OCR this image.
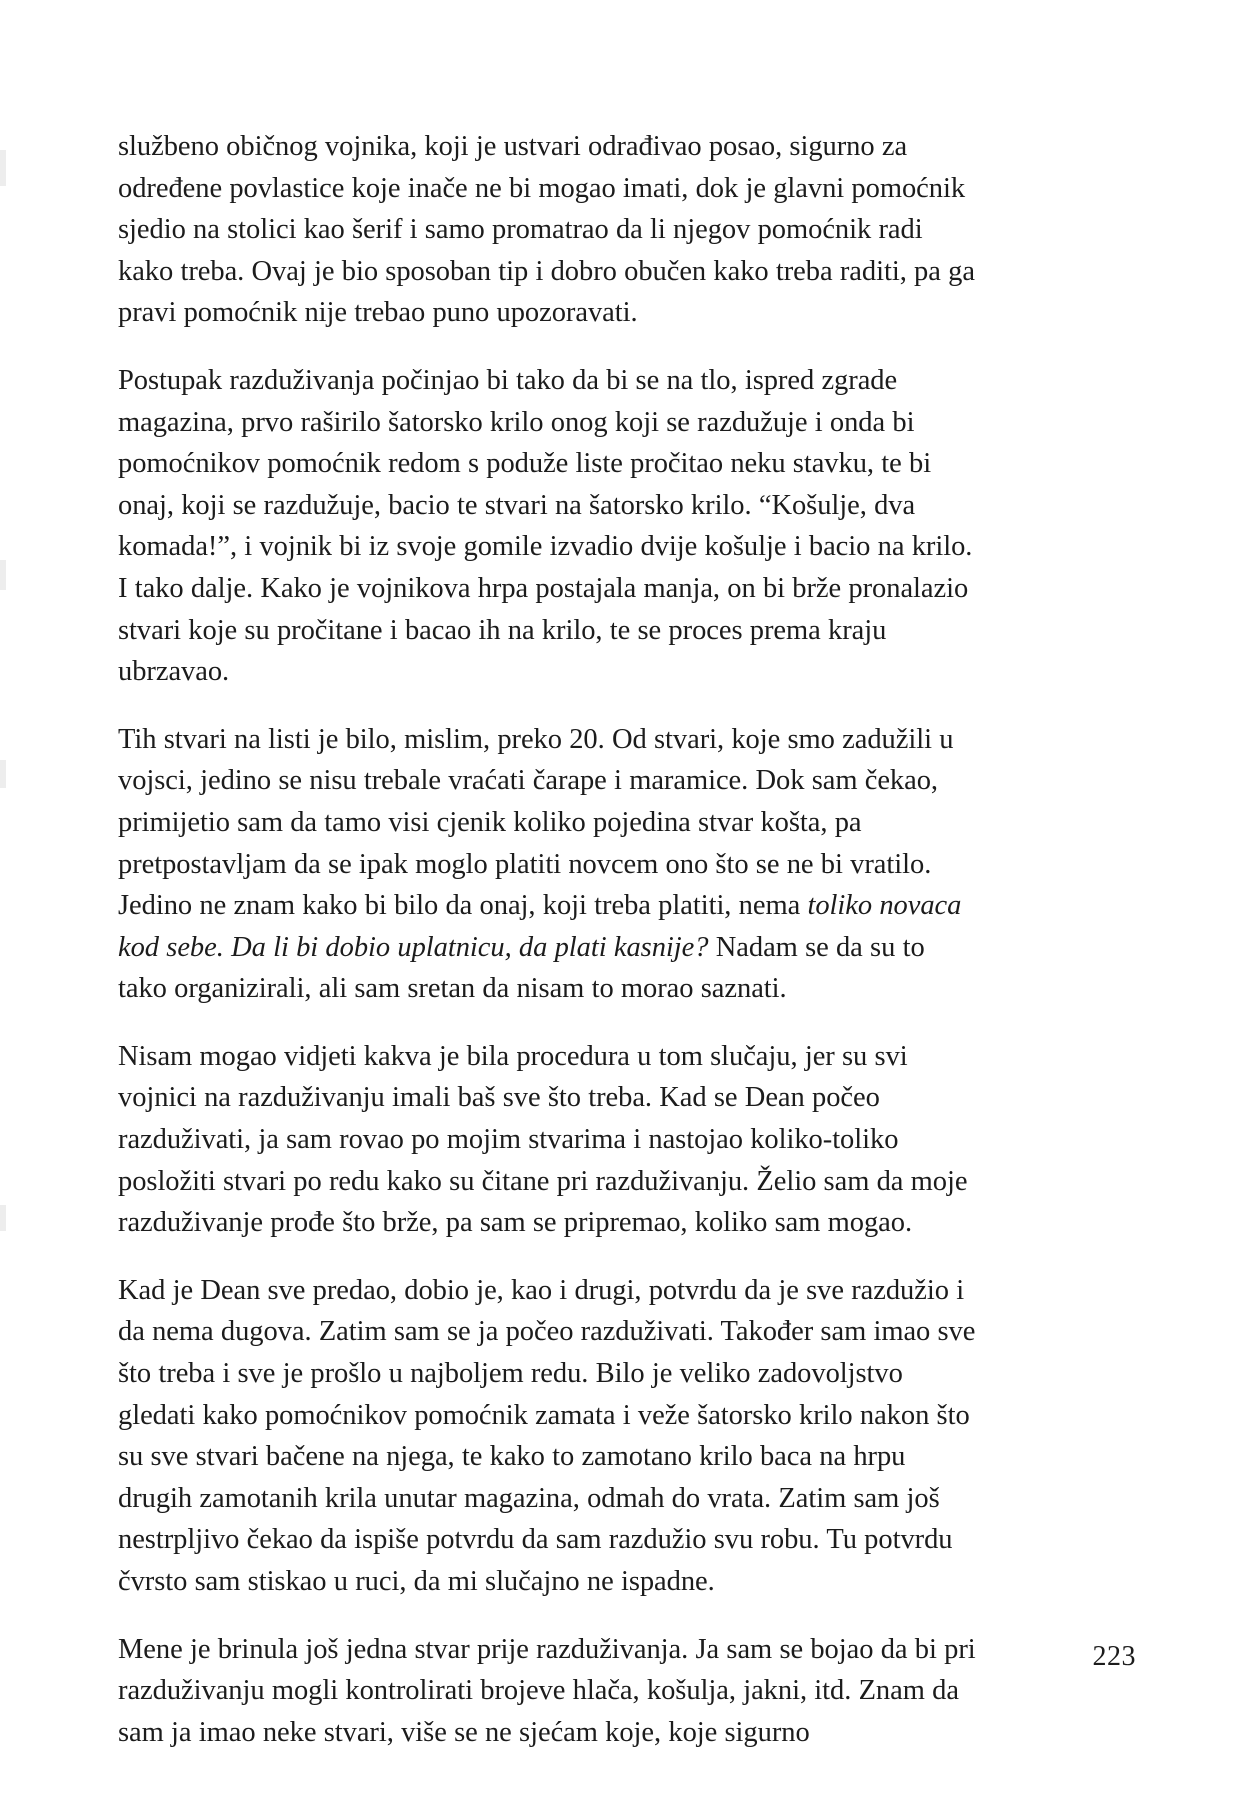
službeno običnog vojnika, koji je ustvari odrađivao posao, sigurno za određene povlastice koje inače ne bi mogao imati, dok je glavni pomoćnik sjedio na stolici kao šerif i samo promatrao da li njegov pomoćnik radi kako treba. Ovaj je bio sposoban tip i dobro obučen kako treba raditi, pa ga pravi pomoćnik nije trebao puno upozoravati.

Postupak razduživanja počinjao bi tako da bi se na tlo, ispred zgrade magazina, prvo raširilo šatorsko krilo onog koji se razdužuje i onda bi pomoćnikov pomoćnik redom s poduže liste pročitao neku stavku, te bi onaj, koji se razdužuje, bacio te stvari na šatorsko krilo. “Košulje, dva komada!”, i vojnik bi iz svoje gomile izvadio dvije košulje i bacio na krilo. I tako dalje. Kako je vojnikova hrpa postajala manja, on bi brže pronalazio stvari koje su pročitane i bacao ih na krilo, te se proces prema kraju ubrzavao.

Tih stvari na listi je bilo, mislim, preko 20. Od stvari, koje smo zadužili u vojsci, jedino se nisu trebale vraćati čarape i maramice. Dok sam čekao, primijetio sam da tamo visi cjenik koliko pojedina stvar košta, pa pretpostavljam da se ipak moglo platiti novcem ono što se ne bi vratilo. Jedino ne znam kako bi bilo da onaj, koji treba platiti, nema toliko novaca kod sebe. Da li bi dobio uplatnicu, da plati kasnije? Nadam se da su to tako organizirali, ali sam sretan da nisam to morao saznati.

Nisam mogao vidjeti kakva je bila procedura u tom slučaju, jer su svi vojnici na razduživanju imali baš sve što treba. Kad se Dean počeo razduživati, ja sam rovao po mojim stvarima i nastojao koliko-toliko posložiti stvari po redu kako su čitane pri razduživanju. Želio sam da moje razduživanje prođe što brže, pa sam se pripremao, koliko sam mogao.

Kad je Dean sve predao, dobio je, kao i drugi, potvrdu da je sve razdužio i da nema dugova. Zatim sam se ja počeo razduživati. Također sam imao sve što treba i sve je prošlo u najboljem redu. Bilo je veliko zadovoljstvo gledati kako pomoćnikov pomoćnik zamata i veže šatorsko krilo nakon što su sve stvari bačene na njega, te kako to zamotano krilo baca na hrpu drugih zamotanih krila unutar magazina, odmah do vrata. Zatim sam još nestrpljivo čekao da ispiše potvrdu da sam razdužio svu robu. Tu potvrdu čvrsto sam stiskao u ruci, da mi slučajno ne ispadne.

Mene je brinula još jedna stvar prije razduživanja. Ja sam se bojao da bi pri razduživanju mogli kontrolirati brojeve hlača, košulja, jakni, itd. Znam da sam ja imao neke stvari, više se ne sjećam koje, koje sigurno

223
